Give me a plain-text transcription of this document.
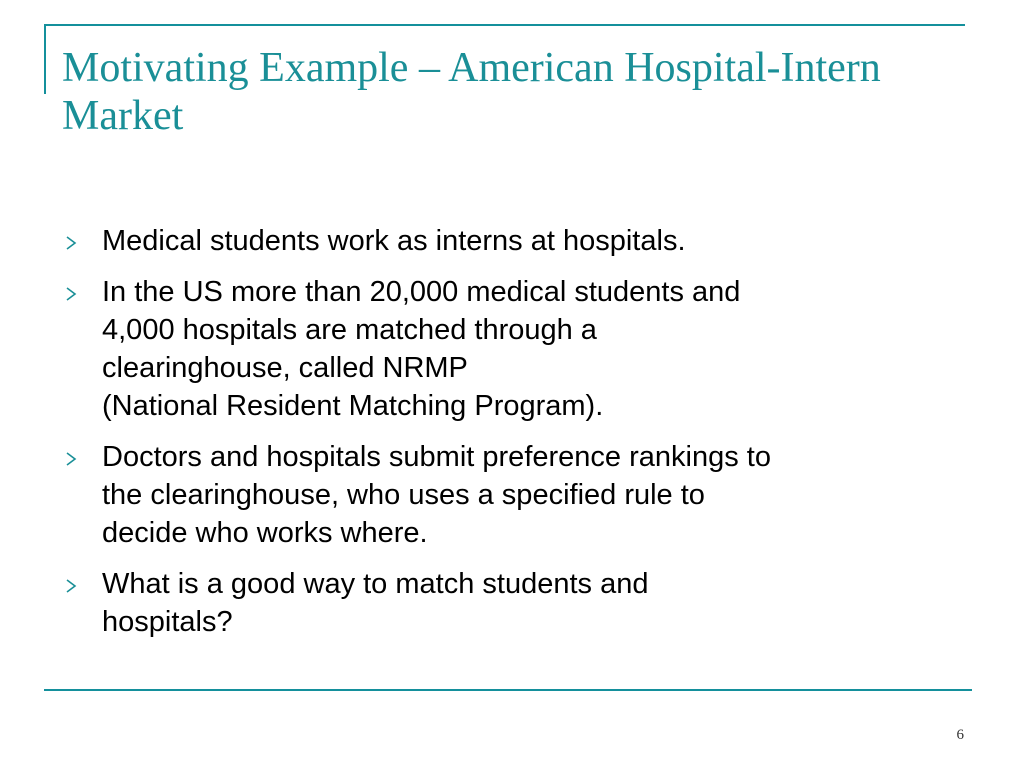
Motivating Example – American Hospital-Intern Market
Medical students work as interns at hospitals.
In the US more than 20,000 medical students and
4,000 hospitals are matched through a
clearinghouse, called NRMP
(National Resident Matching Program).
Doctors and hospitals submit preference rankings to
the clearinghouse, who uses a specified rule to
decide who works where.
What is a good way to match students and
hospitals?
6
